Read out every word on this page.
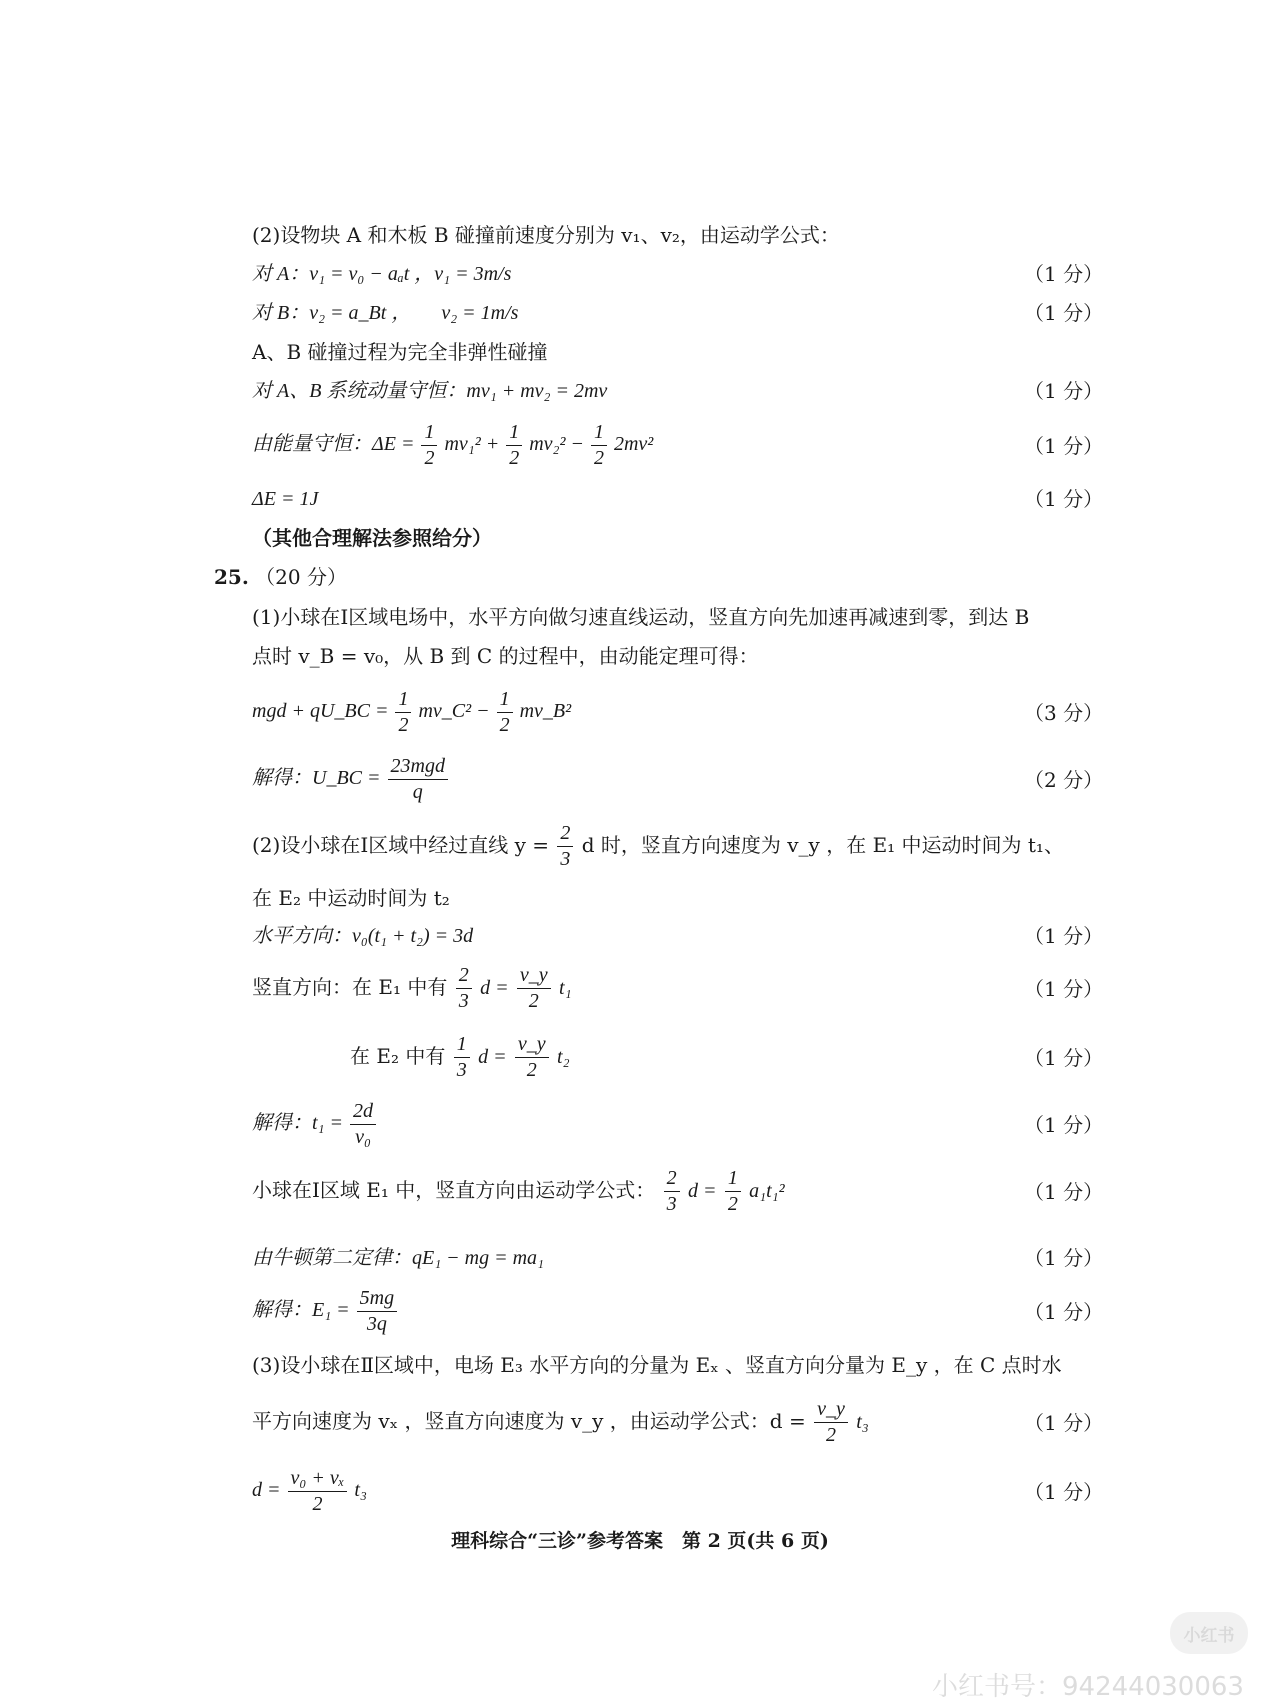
(2)设物块 A 和木板 B 碰撞前速度分别为 v₁、v₂，由运动学公式：
对 A：v₁ = v₀ − aₐt ，v₁ = 3m/s	（1 分）
对 B：v₂ = a_Bt ，　　v₂ = 1m/s	（1 分）
A、B 碰撞过程为完全非弹性碰撞
对 A、B 系统动量守恒：mv₁ + mv₂ = 2mv	（1 分）
由能量守恒：$\Delta E = \frac{1}{2} mv_1^2 + \frac{1}{2} mv_2^2 - \frac{1}{2} 2mv^2$	（1 分）
ΔE = 1J	（1 分）
（其他合理解法参照给分）
25. （20 分）
(1)小球在Ⅰ区域电场中，水平方向做匀速直线运动，竖直方向先加速再减速到零，到达 B
点时 v_B = v₀，从 B 到 C 的过程中，由动能定理可得：
mgd + qU_BC = $\frac{1}{2}$ mv_C² − $\frac{1}{2}$ mv_B²	（3 分）
解得：U_BC = $\frac{\text{23mgd}}{q}$	（2 分）
(2)设小球在Ⅰ区域中经过直线 $y = \frac{2}{3}$ d 时，竖直方向速度为 v_y ，在 E₁ 中运动时间为 t₁、
在 E₂ 中运动时间为 t₂
水平方向：v₀(t₁ + t₂) = 3d	（1 分）
竖直方向：在 E₁ 中有 $\frac{2}{3}$ $d = \frac{v\_y}{2} t_1$	（1 分）
在 E₂ 中有 $\frac{1}{3}$ $d = \frac{v\_y}{2} t_2$	（1 分）
解得：$t_1 = \frac{2d}{\text{v₀}}$	（1 分）
小球在Ⅰ区域 E₁ 中，竖直方向由运动学公式： $\frac{2}{3}$ $d = \frac{1}{2} a_1t_1^2$	（1 分）
由牛顿第二定律：qE₁ − mg = ma₁	（1 分）
解得：$E_1 = \frac{5mg}{3q}$	（1 分）
(3)设小球在Ⅱ区域中，电场 E₃ 水平方向的分量为 Eₓ 、竖直方向分量为 E_y ，在 C 点时水
平方向速度为 vₓ ，竖直方向速度为 v_y ，由运动学公式：$d = \frac{v\_y}{2} t_3$	（1 分）
$d = \frac{\text{v₀ + vₓ}}{2} t_3$	（1 分）
理科综合“三诊”参考答案　第 2 页(共 6 页)
小红书
小红书号：94244030063
